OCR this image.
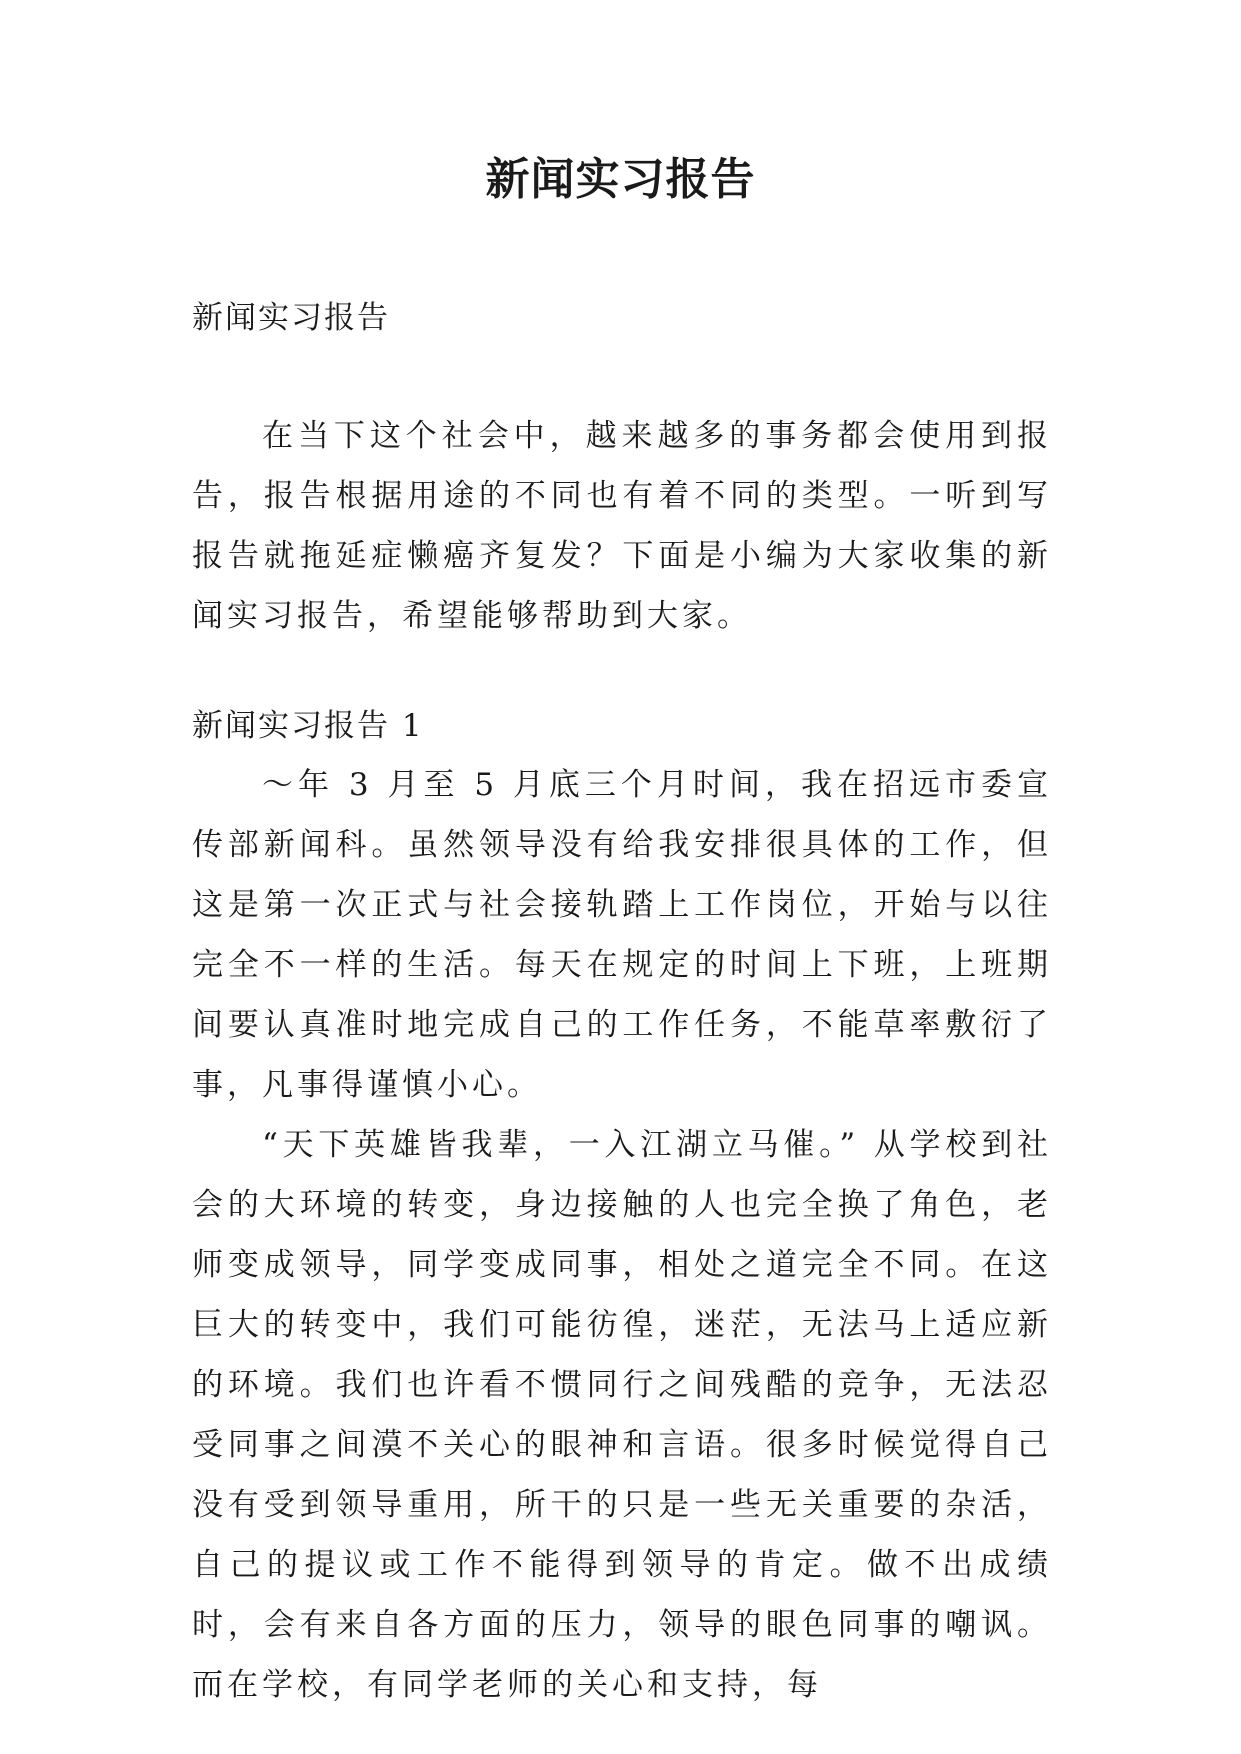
新闻实习报告
新闻实习报告
在当下这个社会中，越来越多的事务都会使用到报告，报告根据用途的不同也有着不同的类型。一听到写报告就拖延症懒癌齐复发？下面是小编为大家收集的新闻实习报告，希望能够帮助到大家。
新闻实习报告 1

～年 3 月至 5 月底三个月时间，我在招远市委宣传部新闻科。虽然领导没有给我安排很具体的工作，但这是第一次正式与社会接轨踏上工作岗位，开始与以往完全不一样的生活。每天在规定的时间上下班，上班期间要认真准时地完成自己的工作任务，不能草率敷衍了事，凡事得谨慎小心。

“天下英雄皆我辈，一入江湖立马催。” 从学校到社会的大环境的转变，身边接触的人也完全换了角色，老师变成领导，同学变成同事，相处之道完全不同。在这巨大的转变中，我们可能彷徨，迷茫，无法马上适应新的环境。我们也许看不惯同行之间残酷的竞争，无法忍受同事之间漠不关心的眼神和言语。很多时候觉得自己没有受到领导重用，所干的只是一些无关重要的杂活，自己的提议或工作不能得到领导的肯定。做不出成绩时，会有来自各方面的压力，领导的眼色同事的嘲讽。而在学校，有同学老师的关心和支持，每
